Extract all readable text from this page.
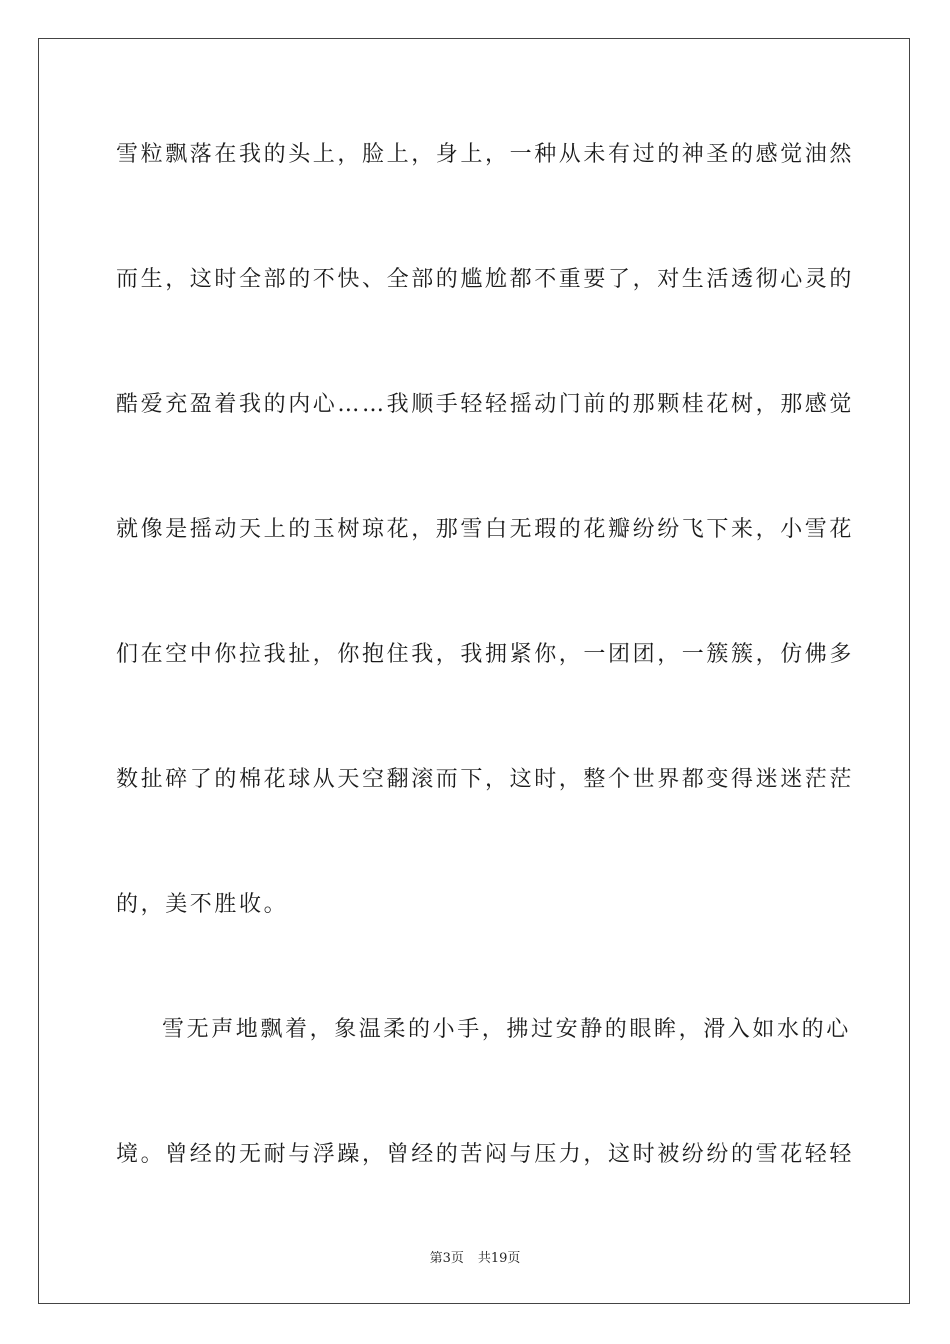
雪粒飘落在我的头上，脸上，身上，一种从未有过的神圣的感觉油然
而生，这时全部的不快、全部的尴尬都不重要了，对生活透彻心灵的
酷爱充盈着我的内心……我顺手轻轻摇动门前的那颗桂花树，那感觉
就像是摇动天上的玉树琼花，那雪白无瑕的花瓣纷纷飞下来，小雪花
们在空中你拉我扯，你抱住我，我拥紧你，一团团，一簇簇，仿佛多
数扯碎了的棉花球从天空翻滚而下，这时，整个世界都变得迷迷茫茫
的，美不胜收。
雪无声地飘着，象温柔的小手，拂过安静的眼眸，滑入如水的心
境。曾经的无耐与浮躁，曾经的苦闷与压力，这时被纷纷的雪花轻轻
第3页 共19页
